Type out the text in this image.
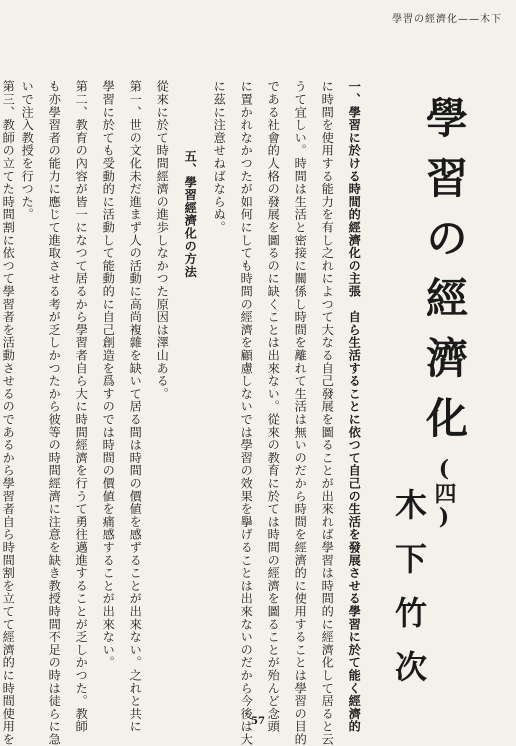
學習の經濟化——木下
學習の經濟化(四)
木下竹次
一、學習に於ける時間的經濟化の主張　自ら生活することに依つて自己の生活を發展させる學習に於て能く經濟的
に時間を使用する能力を有し之れによつて大なる自己發展を圖ることが出來れば學習は時間的に經濟化して居ると云
うて宜しい。時間は生活と密接に關係し時間を離れて生活は無いのだから時間を經濟的に使用することは學習の目的
である社會的人格の發展を圖るのに缺くことは出來ない。從來の教育に於ては時間の經濟を圖ることが殆んど念頭
に置かれなかつたが如何にしても時間の經濟を顧慮しないでは學習の效果を擧げることは出來ないのだから今後は大
に茲に注意せねばならぬ。
五、學習經濟化の方法
從來に於て時間經濟の進歩しなかつた原因は澤山ある。
第一、世の文化未だ進まず人の活動に高尚複雜を缺いて居る間は時間の價値を感ずることが出來ない。之れと共に
學習に於ても受動的に活動して能動的に自己創造を爲すのでは時間の價値を痛感することが出來ない。
第二、教育の內容が皆一になつて居るから學習者自ら大に時間經濟を行うて勇往邁進することが乏しかつた。教師
も亦學習者の能力に應じて進取させる考が乏しかつたから彼等の時間經濟に注意を缺き教授時間不足の時は徒らに急
いで注入教授を行つた。
第三、教師の立てた時間割に依つて學習者を活動させるのであるから學習者自ら時間割を立てて經濟的に時間使用を	57
